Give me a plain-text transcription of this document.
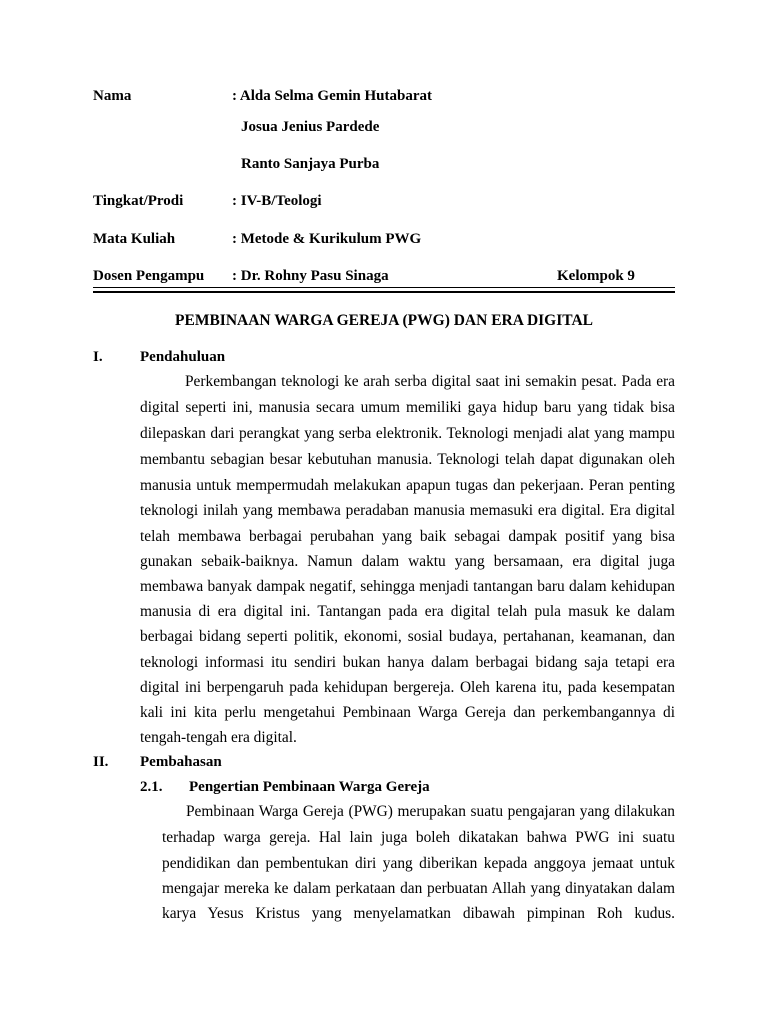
Nama	: Alda Selma Gemin Hutabarat
Josua Jenius Pardede
Ranto Sanjaya Purba
Tingkat/Prodi	: IV-B/Teologi
Mata Kuliah	: Metode & Kurikulum PWG
Dosen Pengampu : Dr. Rohny Pasu Sinaga	Kelompok 9
PEMBINAAN WARGA GEREJA (PWG) DAN ERA DIGITAL
I. Pendahuluan
Perkembangan teknologi ke arah serba digital saat ini semakin pesat. Pada era
digital seperti ini, manusia secara umum memiliki gaya hidup baru yang tidak bisa
dilepaskan dari perangkat yang serba elektronik. Teknologi menjadi alat yang mampu
membantu sebagian besar kebutuhan manusia. Teknologi telah dapat digunakan oleh
manusia untuk mempermudah melakukan apapun tugas dan pekerjaan. Peran penting
teknologi inilah yang membawa peradaban manusia memasuki era digital. Era digital
telah membawa berbagai perubahan yang baik sebagai dampak positif yang bisa
gunakan sebaik-baiknya. Namun dalam waktu yang bersamaan, era digital juga
membawa banyak dampak negatif, sehingga menjadi tantangan baru dalam kehidupan
manusia di era digital ini. Tantangan pada era digital telah pula masuk ke dalam
berbagai bidang seperti politik, ekonomi, sosial budaya, pertahanan, keamanan, dan
teknologi informasi itu sendiri bukan hanya dalam berbagai bidang saja tetapi era
digital ini berpengaruh pada kehidupan bergereja. Oleh karena itu, pada kesempatan
kali ini kita perlu mengetahui Pembinaan Warga Gereja dan perkembangannya di
tengah-tengah era digital.
II. Pembahasan
2.1. Pengertian Pembinaan Warga Gereja
Pembinaan Warga Gereja (PWG) merupakan suatu pengajaran yang dilakukan
terhadap warga gereja. Hal lain juga boleh dikatakan bahwa PWG ini suatu
pendidikan dan pembentukan diri yang diberikan kepada anggoya jemaat untuk
mengajar mereka ke dalam perkataan dan perbuatan Allah yang dinyatakan dalam
karya Yesus Kristus yang menyelamatkan dibawah pimpinan Roh kudus.
